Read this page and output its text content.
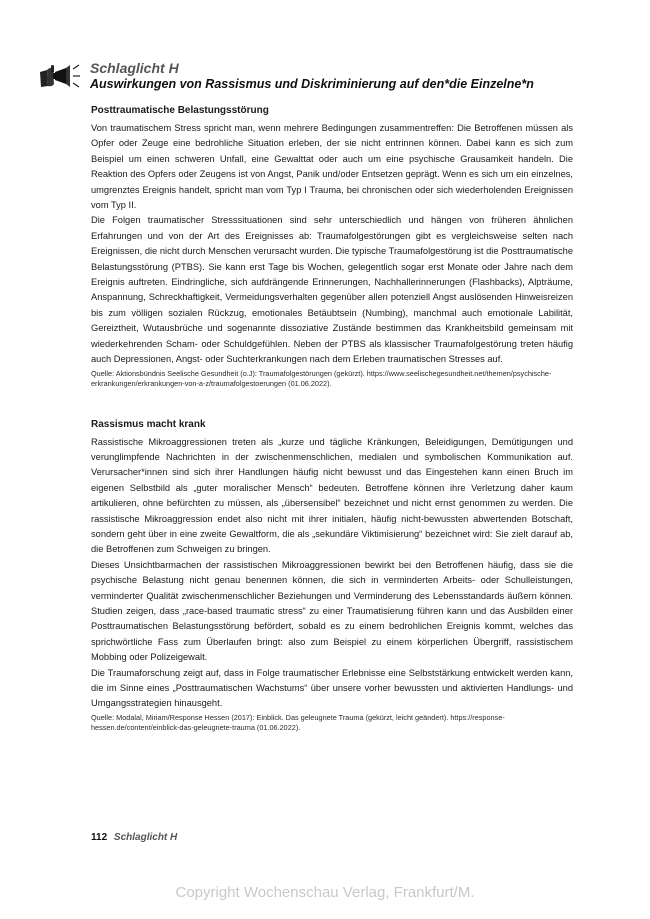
Schlaglicht H

Auswirkungen von Rassismus und Diskriminierung auf den*die Einzelne*n

Posttraumatische Belastungsstörung

Von traumatischem Stress spricht man, wenn mehrere Bedingungen zusammentreffen: Die Betroffenen müssen als Opfer oder Zeuge eine bedrohliche Situation erleben, der sie nicht entrinnen können. Dabei kann es sich zum Beispiel um einen schweren Unfall, eine Gewalttat oder auch um eine psychische Grausamkeit handeln. Die Reaktion des Opfers oder Zeugens ist von Angst, Panik und/oder Entsetzen geprägt. Wenn es sich um ein einzelnes, umgrenztes Ereignis handelt, spricht man vom Typ I Trauma, bei chronischen oder sich wiederholenden Ereignissen vom Typ II.

Die Folgen traumatischer Stresssituationen sind sehr unterschiedlich und hängen von früheren ähnlichen Erfahrungen und von der Art des Ereignisses ab: Traumafolgestörungen gibt es vergleichsweise selten nach Ereignissen, die nicht durch Menschen verursacht wurden. Die typische Traumafolgestörung ist die Posttraumatische Belastungsstörung (PTBS). Sie kann erst Tage bis Wochen, gelegentlich sogar erst Monate oder Jahre nach dem Ereignis auftreten. Eindringliche, sich aufdrängende Erinnerungen, Nachhallerinnerungen (Flashbacks), Alpträume, Anspannung, Schreckhaftigkeit, Vermeidungsverhalten gegenüber allen potenziell Angst auslösenden Hinweisreizen bis zum völligen sozialen Rückzug, emotionales Betäubtsein (Numbing), manchmal auch emotionale Labilität, Gereiztheit, Wutausbrüche und sogenannte dissoziative Zustände bestimmen das Krankheitsbild gemeinsam mit wiederkehrenden Scham- oder Schuldgefühlen. Neben der PTBS als klassischer Traumafolgestörung treten häufig auch Depressionen, Angst- oder Suchterkrankungen nach dem Erleben traumatischen Stresses auf.

Quelle: Aktionsbündnis Seelische Gesundheit (o.J): Traumafolgestörungen (gekürzt). https://www.seelischegesundheit.net/themen/psychische-erkrankungen/erkrankungen-von-a-z/traumafolgestoerungen (01.06.2022).

Rassismus macht krank

Rassistische Mikroaggressionen treten als „kurze und tägliche Kränkungen, Beleidigungen, Demütigungen und verunglimpfende Nachrichten in der zwischenmenschlichen, medialen und symbolischen Kommunikation auf. Verursacher*innen sind sich ihrer Handlungen häufig nicht bewusst und das Eingestehen kann einen Bruch im eigenen Selbstbild als „guter moralischer Mensch“ bedeuten. Betroffene können ihre Verletzung daher kaum artikulieren, ohne befürchten zu müssen, als „übersensibel“ bezeichnet und nicht ernst genommen zu werden. Die rassistische Mikroaggression endet also nicht mit ihrer initialen, häufig nicht-bewussten abwertenden Botschaft, sondern geht über in eine zweite Gewaltform, die als „sekundäre Viktimisierung“ bezeichnet wird: Sie zielt darauf ab, die Betroffenen zum Schweigen zu bringen.

Dieses Unsichtbarmachen der rassistischen Mikroaggressionen bewirkt bei den Betroffenen häufig, dass sie die psychische Belastung nicht genau benennen können, die sich in verminderten Arbeits- oder Schulleistungen, verminderter Qualität zwischenmenschlicher Beziehungen und Verminderung des Lebensstandards äußern können. Studien zeigen, dass „race-based traumatic stress“ zu einer Traumatisierung führen kann und das Ausbilden einer Posttraumatischen Belastungsstörung befördert, sobald es zu einem bedrohlichen Ereignis kommt, welches das sprichwörtliche Fass zum Überlaufen bringt: also zum Beispiel zu einem körperlichen Übergriff, rassistischem Mobbing oder Polizeigewalt.

Die Traumaforschung zeigt auf, dass in Folge traumatischer Erlebnisse eine Selbststärkung entwickelt werden kann, die im Sinne eines „Posttraumatischen Wachstums“ über unsere vorher bewussten und aktivierten Handlungs- und Umgangsstrategien hinausgeht.

Quelle: Modalal, Miriam/Response Hessen (2017): Einblick. Das geleugnete Trauma (gekürzt, leicht geändert). https://response-hessen.de/content/einblick-das-geleugnete-trauma (01.06.2022).

112 Schlaglicht H
Copyright Wochenschau Verlag, Frankfurt/M.
